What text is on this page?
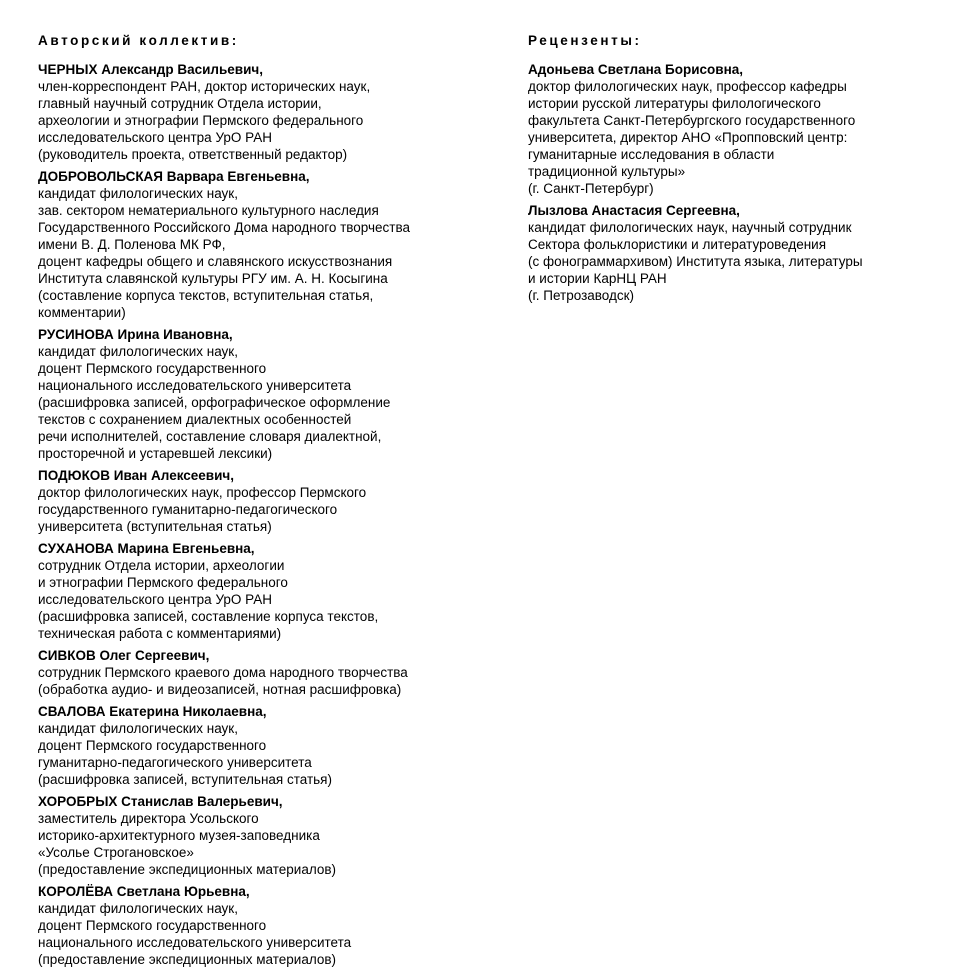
Авторский коллектив:
ЧЕРНЫХ Александр Васильевич,
член-корреспондент РАН, доктор исторических наук,
главный научный сотрудник Отдела истории,
археологии и этнографии Пермского федерального
исследовательского центра УрО РАН
(руководитель проекта, ответственный редактор)
ДОБРОВОЛЬСКАЯ Варвара Евгеньевна,
кандидат филологических наук,
зав. сектором нематериального культурного наследия
Государственного Российского Дома народного творчества
имени В. Д. Поленова МК РФ,
доцент кафедры общего и славянского искусствознания
Института славянской культуры РГУ им. А. Н. Косыгина
(составление корпуса текстов, вступительная статья,
комментарии)
РУСИНОВА Ирина Ивановна,
кандидат филологических наук,
доцент Пермского государственного
национального исследовательского университета
(расшифровка записей, орфографическое оформление
текстов с сохранением диалектных особенностей
речи исполнителей, составление словаря диалектной,
просторечной и устаревшей лексики)
ПОДЮКОВ Иван Алексеевич,
доктор филологических наук, профессор Пермского
государственного гуманитарно-педагогического
университета (вступительная статья)
СУХАНОВА Марина Евгеньевна,
сотрудник Отдела истории, археологии
и этнографии Пермского федерального
исследовательского центра УрО РАН
(расшифровка записей, составление корпуса текстов,
техническая работа с комментариями)
СИВКОВ Олег Сергеевич,
сотрудник Пермского краевого дома народного творчества
(обработка аудио- и видеозаписей, нотная расшифровка)
СВАЛОВА Екатерина Николаевна,
кандидат филологических наук,
доцент Пермского государственного
гуманитарно-педагогического университета
(расшифровка записей, вступительная статья)
ХОРОБРЫХ Станислав Валерьевич,
заместитель директора Усольского
историко-архитектурного музея-заповедника
«Усолье Строгановское»
(предоставление экспедиционных материалов)
КОРОЛЁВА Светлана Юрьевна,
кандидат филологических наук,
доцент Пермского государственного
национального исследовательского университета
(предоставление экспедиционных материалов)
Рецензенты:
Адоньева Светлана Борисовна,
доктор филологических наук, профессор кафедры
истории русской литературы филологического
факультета Санкт-Петербургского государственного
университета, директор АНО «Пропповский центр:
гуманитарные исследования в области
традиционной культуры»
(г. Санкт-Петербург)
Лызлова Анастасия Сергеевна,
кандидат филологических наук, научный сотрудник
Сектора фольклористики и литературоведения
(с фонограммархивом) Института языка, литературы
и истории КарНЦ РАН
(г. Петрозаводск)
